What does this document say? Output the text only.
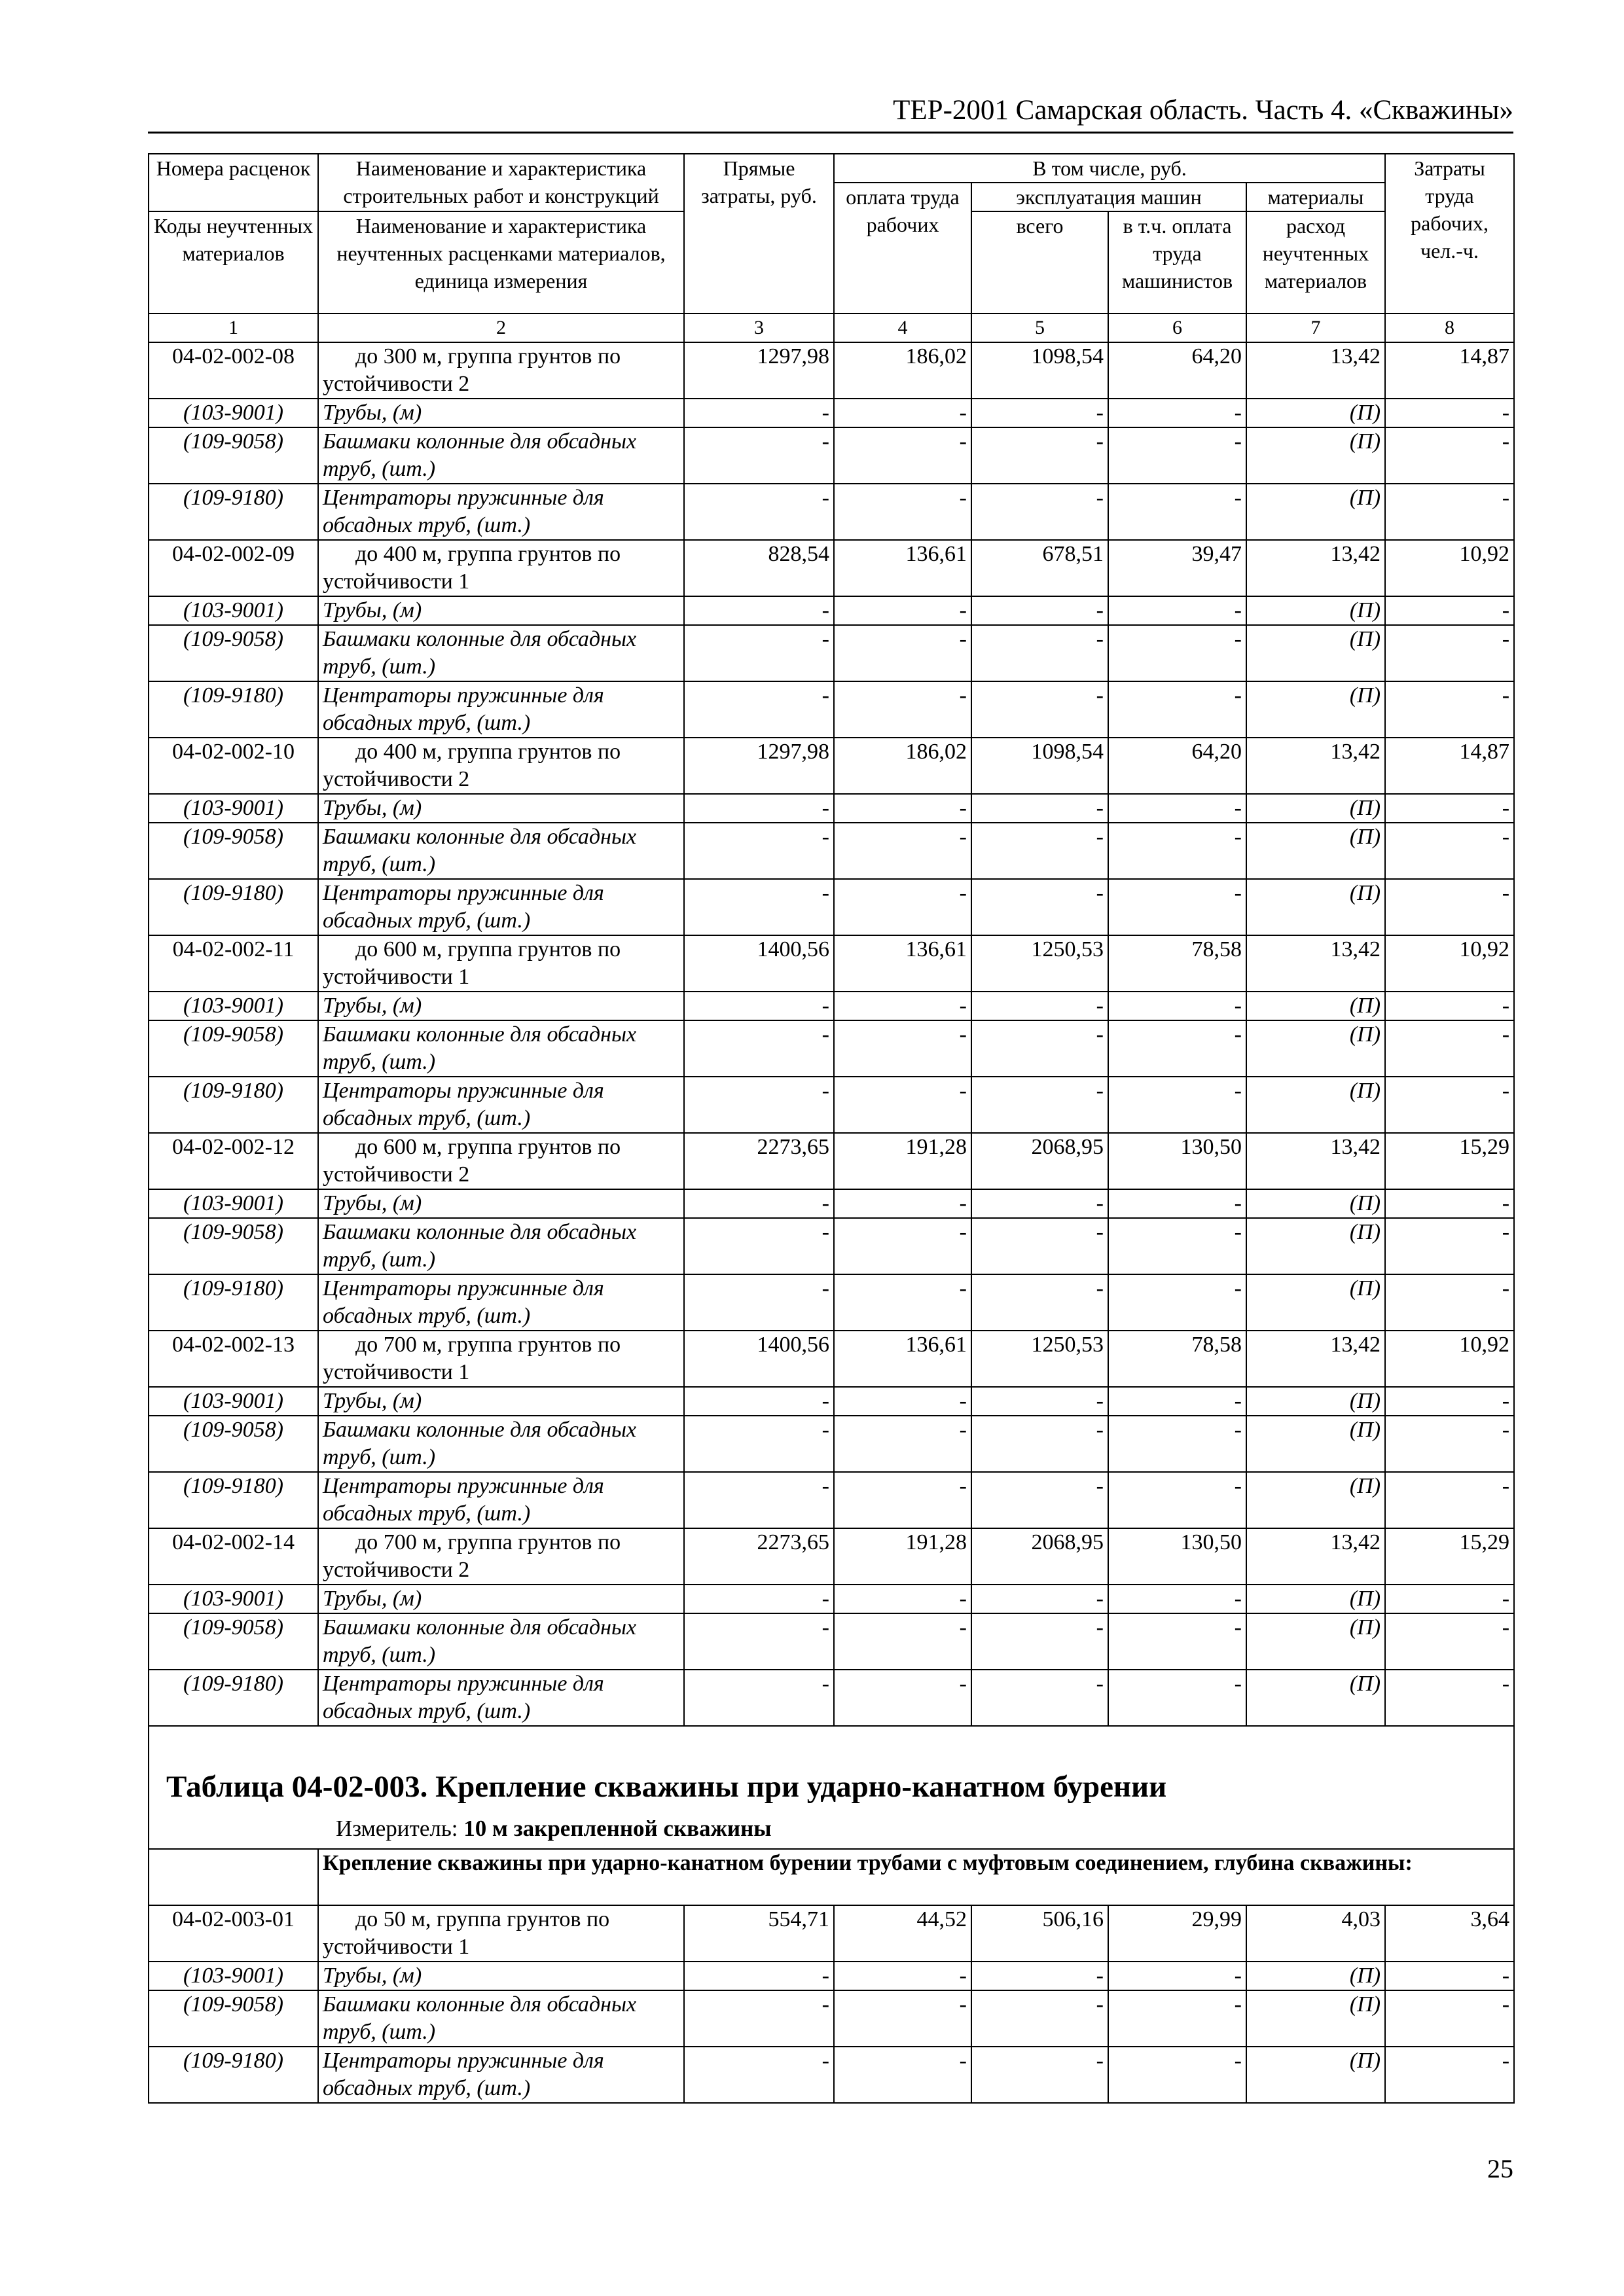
ТЕР-2001 Самарская область. Часть 4. «Скважины»
Номера расценок	Наименование и характеристика строительных работ и конструкций	Прямые затраты, руб.	В том числе, руб.				Затраты труда рабочих, чел.-ч.
			оплата труда рабочих	эксплуатация машин		материалы	
Коды неучтенных материалов	Наименование и характеристика неучтенных расценками материалов, единица измерения			всего	в т.ч. оплата труда машинистов	расход неучтенных материалов	
1	2	3	4	5	6	7	8
04-02-002-08	до 300 м, группа грунтов по устойчивости 2	1297,98	186,02	1098,54	64,20	13,42	14,87
(103-9001)	Трубы, (м)	-	-	-	-	(П)	-
(109-9058)	Башмаки колонные для обсадных труб, (шт.)	-	-	-	-	(П)	-
(109-9180)	Центраторы пружинные для обсадных труб, (шт.)	-	-	-	-	(П)	-
04-02-002-09	до 400 м, группа грунтов по устойчивости 1	828,54	136,61	678,51	39,47	13,42	10,92
(103-9001)	Трубы, (м)	-	-	-	-	(П)	-
(109-9058)	Башмаки колонные для обсадных труб, (шт.)	-	-	-	-	(П)	-
(109-9180)	Центраторы пружинные для обсадных труб, (шт.)	-	-	-	-	(П)	-
04-02-002-10	до 400 м, группа грунтов по устойчивости 2	1297,98	186,02	1098,54	64,20	13,42	14,87
(103-9001)	Трубы, (м)	-	-	-	-	(П)	-
(109-9058)	Башмаки колонные для обсадных труб, (шт.)	-	-	-	-	(П)	-
(109-9180)	Центраторы пружинные для обсадных труб, (шт.)	-	-	-	-	(П)	-
04-02-002-11	до 600 м, группа грунтов по устойчивости 1	1400,56	136,61	1250,53	78,58	13,42	10,92
(103-9001)	Трубы, (м)	-	-	-	-	(П)	-
(109-9058)	Башмаки колонные для обсадных труб, (шт.)	-	-	-	-	(П)	-
(109-9180)	Центраторы пружинные для обсадных труб, (шт.)	-	-	-	-	(П)	-
04-02-002-12	до 600 м, группа грунтов по устойчивости 2	2273,65	191,28	2068,95	130,50	13,42	15,29
(103-9001)	Трубы, (м)	-	-	-	-	(П)	-
(109-9058)	Башмаки колонные для обсадных труб, (шт.)	-	-	-	-	(П)	-
(109-9180)	Центраторы пружинные для обсадных труб, (шт.)	-	-	-	-	(П)	-
04-02-002-13	до 700 м, группа грунтов по устойчивости 1	1400,56	136,61	1250,53	78,58	13,42	10,92
(103-9001)	Трубы, (м)	-	-	-	-	(П)	-
(109-9058)	Башмаки колонные для обсадных труб, (шт.)	-	-	-	-	(П)	-
(109-9180)	Центраторы пружинные для обсадных труб, (шт.)	-	-	-	-	(П)	-
04-02-002-14	до 700 м, группа грунтов по устойчивости 2	2273,65	191,28	2068,95	130,50	13,42	15,29
(103-9001)	Трубы, (м)	-	-	-	-	(П)	-
(109-9058)	Башмаки колонные для обсадных труб, (шт.)	-	-	-	-	(П)	-
(109-9180)	Центраторы пружинные для обсадных труб, (шт.)	-	-	-	-	(П)	-

Таблица 04-02-003. Крепление скважины при ударно-канатном бурении
Измеритель: 10 м закрепленной скважины							

	Крепление скважины при ударно-канатном бурении трубами с муфтовым соединением, глубина скважины:						
04-02-003-01	до 50 м, группа грунтов по устойчивости 1	554,71	44,52	506,16	29,99	4,03	3,64
(103-9001)	Трубы, (м)	-	-	-	-	(П)	-
(109-9058)	Башмаки колонные для обсадных труб, (шт.)	-	-	-	-	(П)	-
(109-9180)	Центраторы пружинные для обсадных труб, (шт.)	-	-	-	-	(П)	-
25
